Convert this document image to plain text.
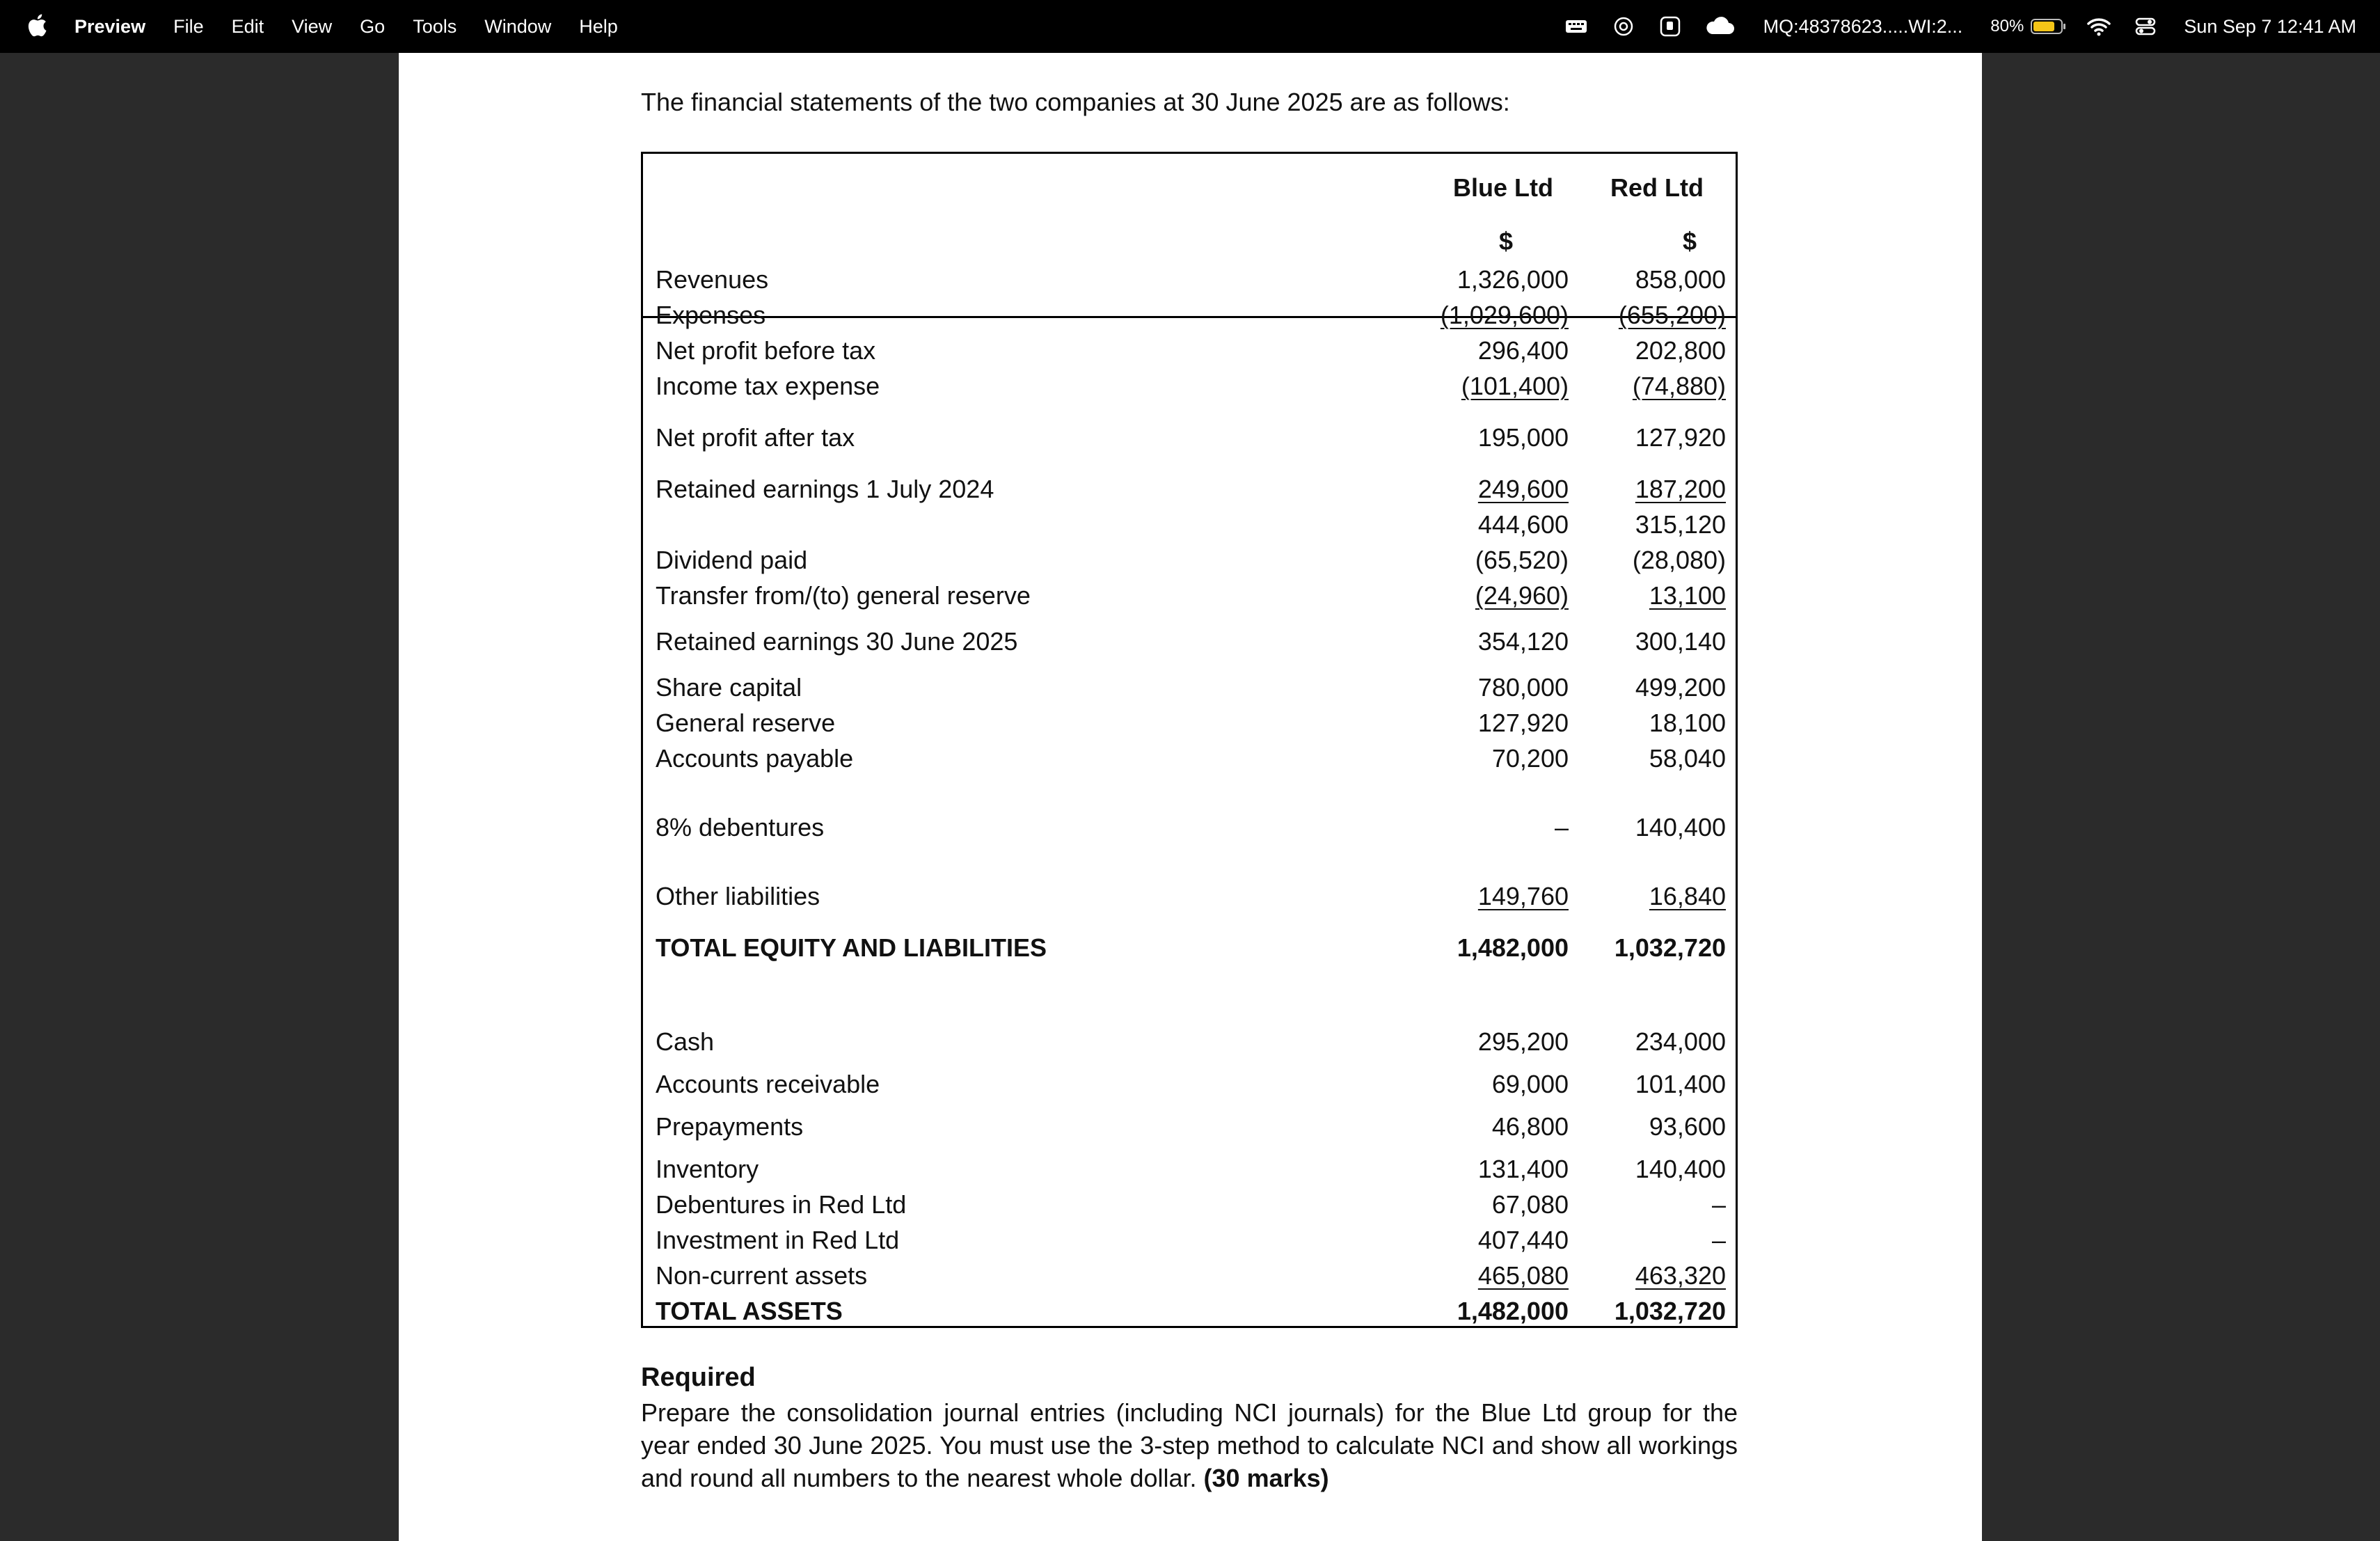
Preview File Edit View Go Tools Window Help	MQ:48378623.....WI:2... 80%	Sun Sep 7 12:41 AM
The financial statements of the two companies at 30 June 2025 are as follows:
Blue Ltd Red Ltd
$	$
Revenues	1,326,000	858,000
Expenses	(1,029,600) (655,200)
Net profit before tax	296,400	202,800
Income tax expense	(101,400)	(74,880)
Net profit after tax	195,000	127,920
Retained earnings 1 July 2024	249,600	187,200
444,600	315,120
Dividend paid	(65,520)	(28,080)
Transfer from/(to) general reserve	(24,960)	13,100
Retained earnings 30 June 2025	354,120	300,140
Share capital	780,000	499,200
General reserve	127,920	18,100
Accounts payable	70,200	58,040
8% debentures	–	140,400
Other liabilities	149,760	16,840
TOTAL EQUITY AND LIABILITIES	1,482,000 1,032,720
Cash	295,200	234,000
Accounts receivable	69,000	101,400
Prepayments	46,800	93,600
Inventory	131,400	140,400
Debentures in Red Ltd	67,080	–
Investment in Red Ltd	407,440	–
Non-current assets	465,080	463,320
TOTAL ASSETS	1,482,000 1,032,720
Required
Prepare the consolidation journal entries (including NCI journals) for the Blue Ltd group for the year ended 30 June 2025. You must use the 3-step method to calculate NCI and show all workings and round all numbers to the nearest whole dollar. (30 marks)
